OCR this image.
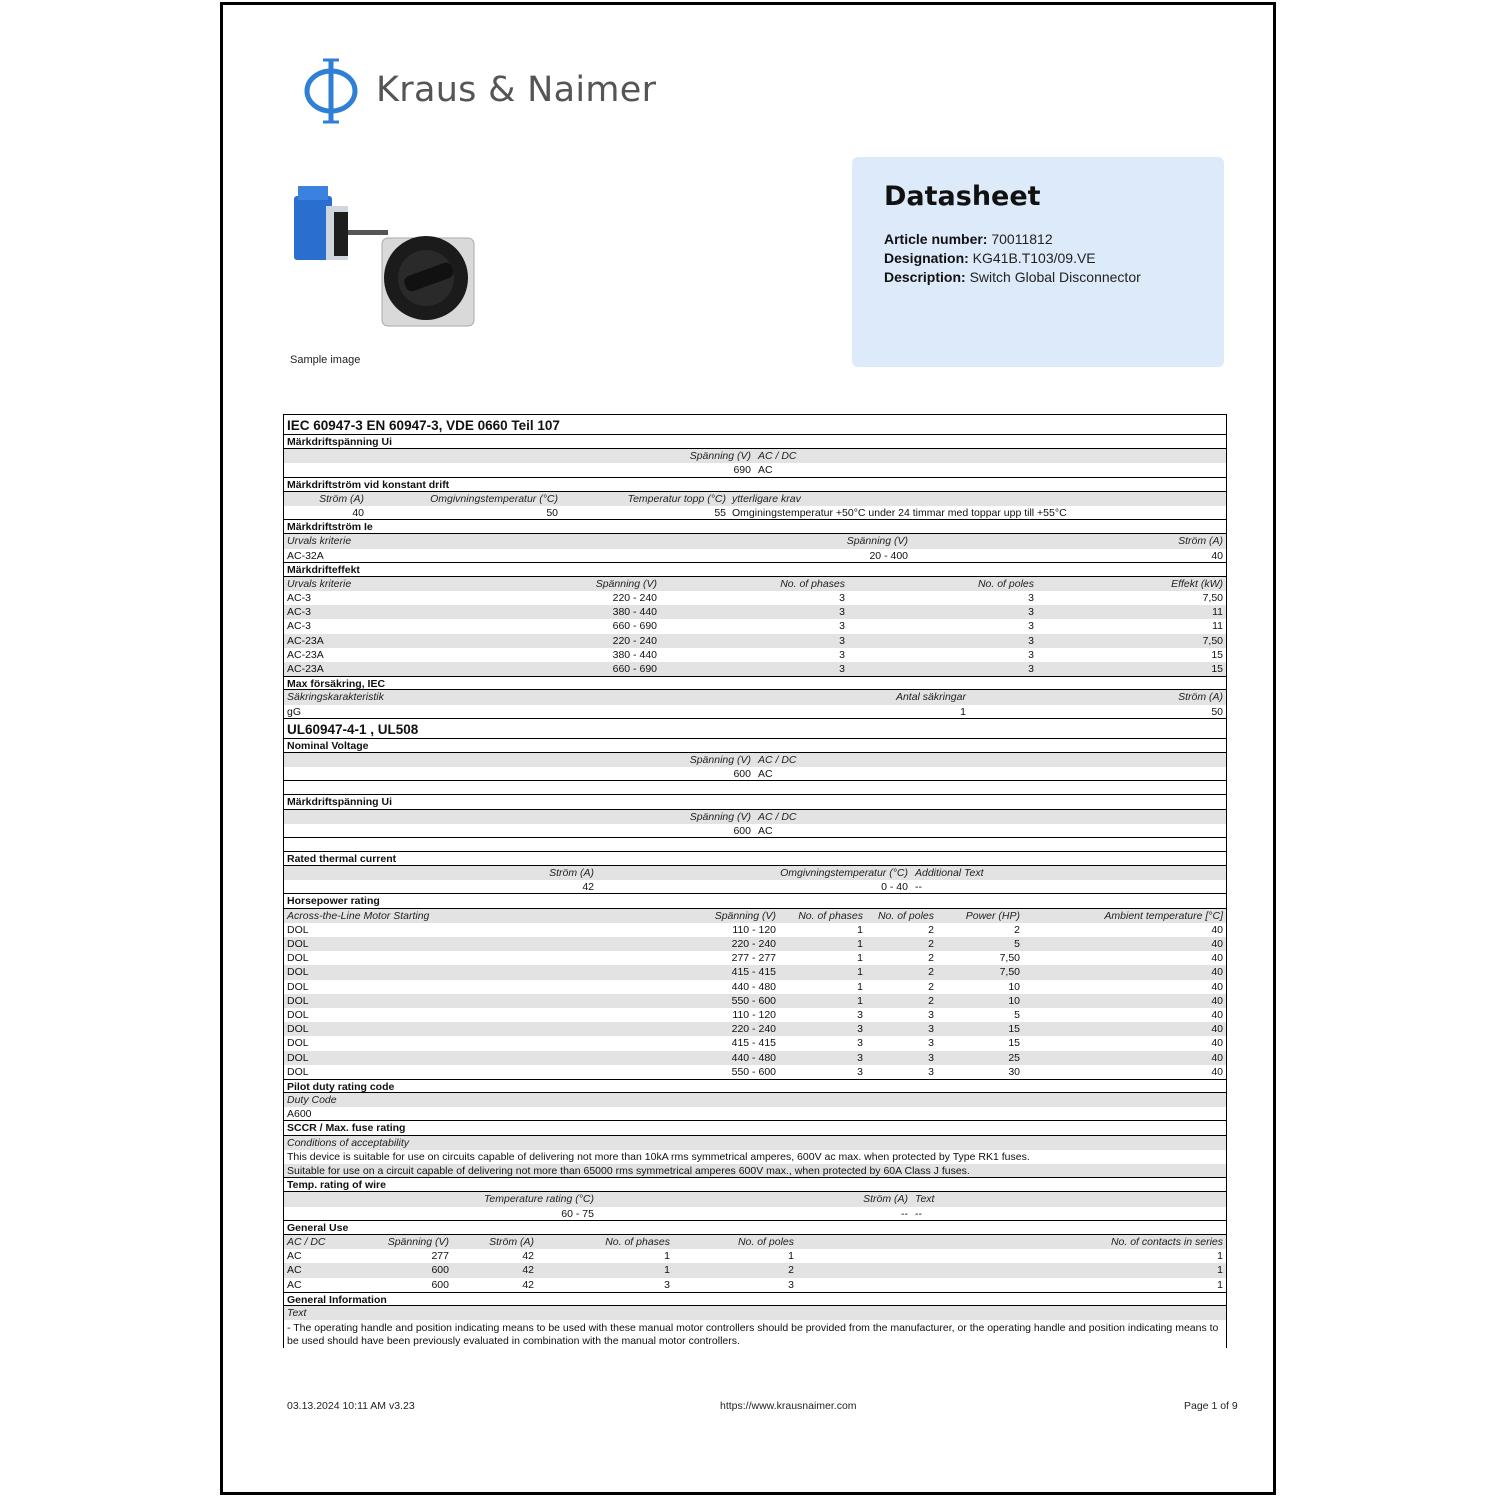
Kraus & Naimer
Sample image
Datasheet
Article number: 70011812
Designation: KG41B.T103/09.VE
Description: Switch Global Disconnector
IEC 60947-3 EN 60947-3, VDE 0660 Teil 107
Märkdriftspänning Ui
Spänning (V) AC / DC
690 AC
Märkdriftström vid konstant drift
Ström (A)	Omgivningstemperatur (°C)	Temperatur topp (°C) ytterligare krav
40	50	55 Omginingstemperatur +50°C under 24 timmar med toppar upp till +55°C
Märkdriftström Ie
Urvals kriterie	Spänning (V)	Ström (A)
AC-32A	20 - 400	40
Märkdrifteffekt
Urvals kriterie	Spänning (V)	No. of phases	No. of poles	Effekt (kW)
AC-3	220 - 240	3	3	7,50
AC-3	380 - 440	3	3	11
AC-3	660 - 690	3	3	11
AC-23A	220 - 240	3	3	7,50
AC-23A	380 - 440	3	3	15
AC-23A	660 - 690	3	3	15
Max försäkring, IEC
Säkringskarakteristik	Antal säkringar	Ström (A)
gG	1	50
UL60947-4-1 , UL508
Nominal Voltage
Spänning (V) AC / DC
600 AC
Märkdriftspänning Ui
Spänning (V) AC / DC
600 AC
Rated thermal current
Ström (A)	Omgivningstemperatur (°C) Additional Text
42	0 - 40 --
Horsepower rating
Across-the-Line Motor Starting	Spänning (V) No. of phases No. of poles	Power (HP)	Ambient temperature [°C]
DOL	110 - 120	1	2	2	40
DOL	220 - 240	1	2	5	40
DOL	277 - 277	1	2	7,50	40
DOL	415 - 415	1	2	7,50	40
DOL	440 - 480	1	2	10	40
DOL	550 - 600	1	2	10	40
DOL	110 - 120	3	3	5	40
DOL	220 - 240	3	3	15	40
DOL	415 - 415	3	3	15	40
DOL	440 - 480	3	3	25	40
DOL	550 - 600	3	3	30	40
Pilot duty rating code
Duty Code
A600
SCCR / Max. fuse rating
Conditions of acceptability
This device is suitable for use on circuits capable of delivering not more than 10kA rms symmetrical amperes, 600V ac max. when protected by Type RK1 fuses.
Suitable for use on a circuit capable of delivering not more than 65000 rms symmetrical amperes 600V max., when protected by 60A Class J fuses.
Temp. rating of wire
Temperature rating (°C)	Ström (A) Text
60 - 75	-- --
General Use
AC / DC	Spänning (V)	Ström (A)	No. of phases	No. of poles	No. of contacts in series
AC	277	42	1	1	1
AC	600	42	1	2	1
AC	600	42	3	3	1
General Information
Text
- The operating handle and position indicating means to be used with these manual motor controllers should be provided from the manufacturer, or the operating handle and position indicating means to be used should have been previously evaluated in combination with the manual motor controllers.
03.13.2024 10:11 AM v3.23	https://www.krausnaimer.com	Page 1 of 9
